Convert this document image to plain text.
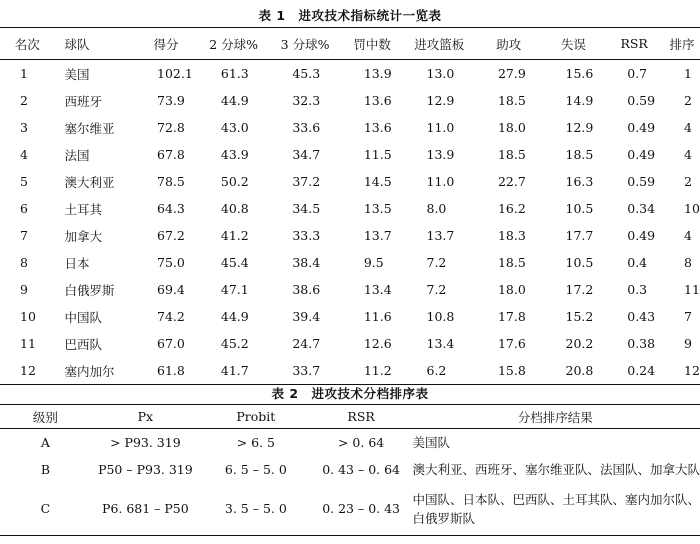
表 1　进攻技术指标统计一览表
名次	球队	得分	2 分球%	3 分球%	罚中数	进攻篮板	助攻	失误	RSR	排序
1	美国	102.1	61.3	45.3	13.9	13.0	27.9	15.6	0.7	1
2	西班牙	73.9	44.9	32.3	13.6	12.9	18.5	14.9	0.59	2
3	塞尔维亚	72.8	43.0	33.6	13.6	11.0	18.0	12.9	0.49	4
4	法国	67.8	43.9	34.7	11.5	13.9	18.5	18.5	0.49	4
5	澳大利亚	78.5	50.2	37.2	14.5	11.0	22.7	16.3	0.59	2
6	土耳其	64.3	40.8	34.5	13.5	8.0	16.2	10.5	0.34	10
7	加拿大	67.2	41.2	33.3	13.7	13.7	18.3	17.7	0.49	4
8	日本	75.0	45.4	38.4	9.5	7.2	18.5	10.5	0.4	8
9	白俄罗斯	69.4	47.1	38.6	13.4	7.2	18.0	17.2	0.3	11
10	中国队	74.2	44.9	39.4	11.6	10.8	17.8	15.2	0.43	7
11	巴西队	67.0	45.2	24.7	12.6	13.4	17.6	20.2	0.38	9
12	塞内加尔	61.8	41.7	33.7	11.2	6.2	15.8	20.8	0.24	12
表 2　进攻技术分档排序表
级别	Px	Probit	RSR	分档排序结果
A	> P93. 319	> 6. 5	> 0. 64	美国队
B	P50 – P93. 319	6. 5 – 5. 0	0. 43 – 0. 64	澳大利亚、西班牙、塞尔维亚队、法国队、加拿大队
C	P6. 681 – P50	3. 5 – 5. 0	0. 23 – 0. 43	中国队、日本队、巴西队、土耳其队、塞内加尔队、白俄罗斯队
